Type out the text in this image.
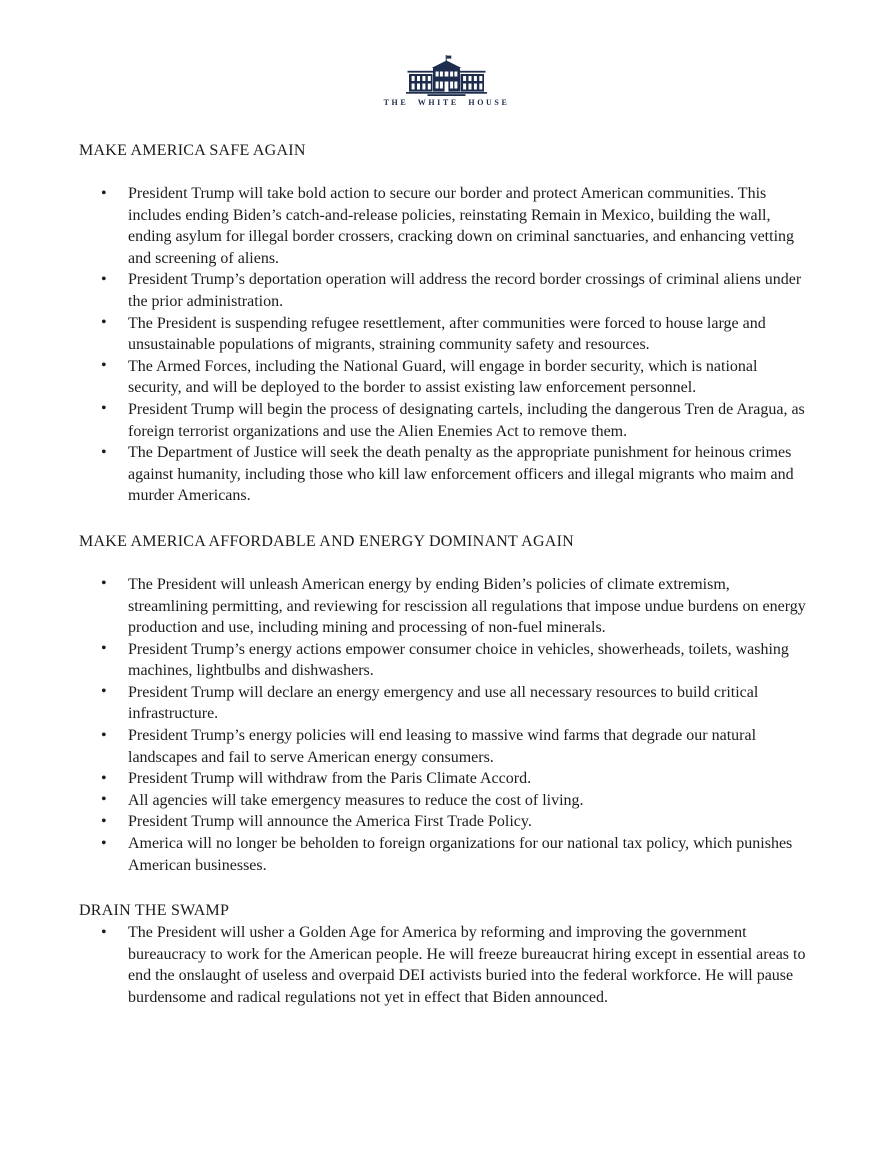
THE WHITE HOUSE
MAKE AMERICA SAFE AGAIN
• President Trump will take bold action to secure our border and protect American communities. This includes ending Biden’s catch-and-release policies, reinstating Remain in Mexico, building the wall, ending asylum for illegal border crossers, cracking down on criminal sanctuaries, and enhancing vetting and screening of aliens.
• President Trump’s deportation operation will address the record border crossings of criminal aliens under the prior administration.
• The President is suspending refugee resettlement, after communities were forced to house large and unsustainable populations of migrants, straining community safety and resources.
• The Armed Forces, including the National Guard, will engage in border security, which is national security, and will be deployed to the border to assist existing law enforcement personnel.
• President Trump will begin the process of designating cartels, including the dangerous Tren de Aragua, as foreign terrorist organizations and use the Alien Enemies Act to remove them.
• The Department of Justice will seek the death penalty as the appropriate punishment for heinous crimes against humanity, including those who kill law enforcement officers and illegal migrants who maim and murder Americans.
MAKE AMERICA AFFORDABLE AND ENERGY DOMINANT AGAIN
• The President will unleash American energy by ending Biden’s policies of climate extremism, streamlining permitting, and reviewing for rescission all regulations that impose undue burdens on energy production and use, including mining and processing of non-fuel minerals.
• President Trump’s energy actions empower consumer choice in vehicles, showerheads, toilets, washing machines, lightbulbs and dishwashers.
• President Trump will declare an energy emergency and use all necessary resources to build critical infrastructure.
• President Trump’s energy policies will end leasing to massive wind farms that degrade our natural landscapes and fail to serve American energy consumers.
• President Trump will withdraw from the Paris Climate Accord.
• All agencies will take emergency measures to reduce the cost of living.
• President Trump will announce the America First Trade Policy.
• America will no longer be beholden to foreign organizations for our national tax policy, which punishes American businesses.
DRAIN THE SWAMP
• The President will usher a Golden Age for America by reforming and improving the government bureaucracy to work for the American people. He will freeze bureaucrat hiring except in essential areas to end the onslaught of useless and overpaid DEI activists buried into the federal workforce. He will pause burdensome and radical regulations not yet in effect that Biden announced.
